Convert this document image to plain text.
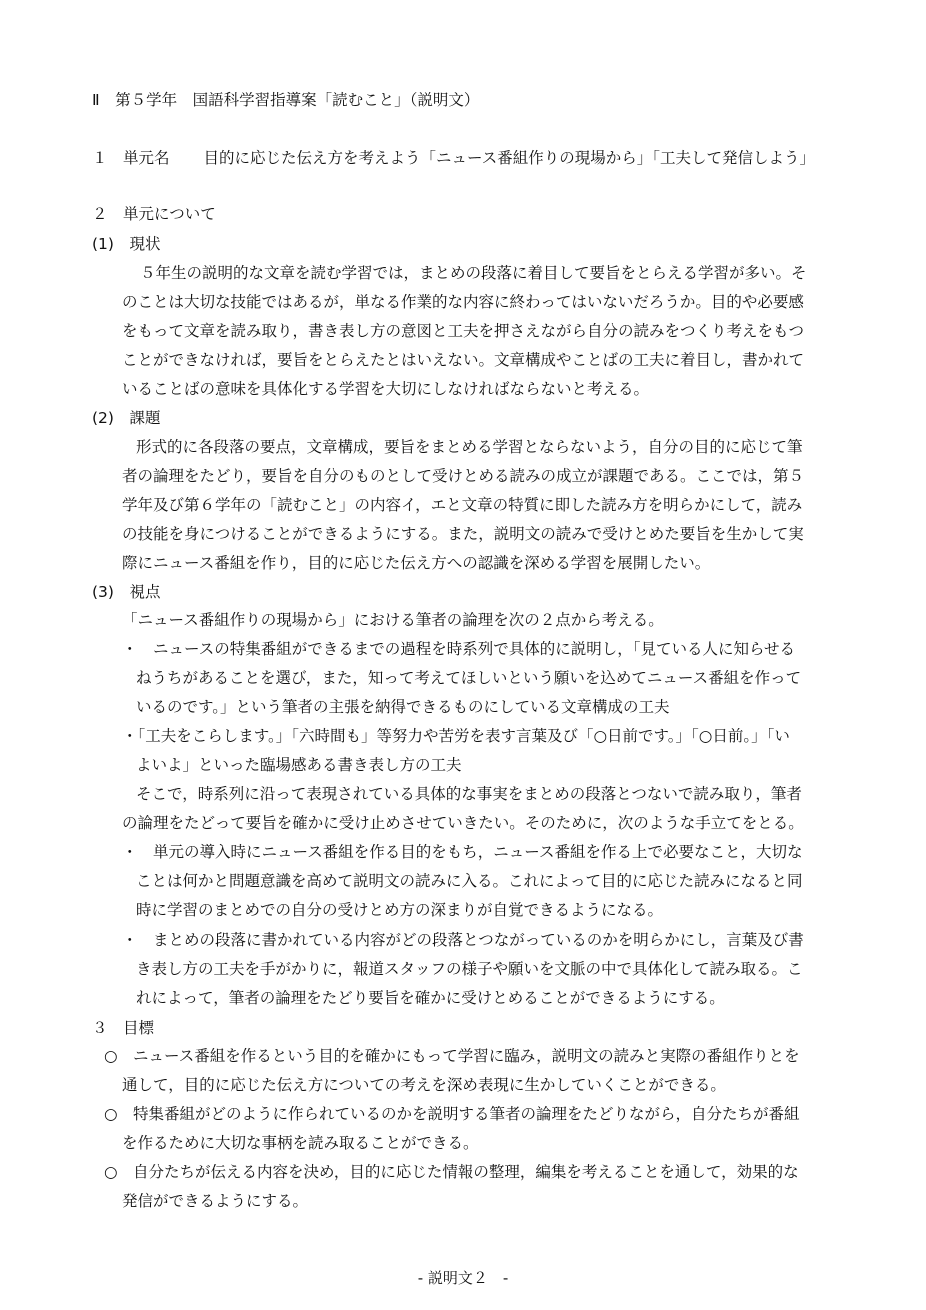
Ⅱ　第５学年　国語科学習指導案「読むこと」（説明文）
１　単元名 目的に応じた伝え方を考えよう「ニュース番組作りの現場から」「工夫して発信しよう」
２　単元について
(1)　現状
５年生の説明的な文章を読む学習では，まとめの段落に着目して要旨をとらえる学習が多い。そ
のことは大切な技能ではあるが，単なる作業的な内容に終わってはいないだろうか。目的や必要感
をもって文章を読み取り，書き表し方の意図と工夫を押さえながら自分の読みをつくり考えをもつ
ことができなければ，要旨をとらえたとはいえない。文章構成やことばの工夫に着目し，書かれて
いることばの意味を具体化する学習を大切にしなければならないと考える。
(2)　課題
形式的に各段落の要点，文章構成，要旨をまとめる学習とならないよう，自分の目的に応じて筆
者の論理をたどり，要旨を自分のものとして受けとめる読みの成立が課題である。ここでは，第５
学年及び第６学年の「読むこと」の内容イ，エと文章の特質に即した読み方を明らかにして，読み
の技能を身につけることができるようにする。また，説明文の読みで受けとめた要旨を生かして実
際にニュース番組を作り，目的に応じた伝え方への認識を深める学習を展開したい。
(3)　視点
「ニュース番組作りの現場から」における筆者の論理を次の２点から考える。
・　ニュースの特集番組ができるまでの過程を時系列で具体的に説明し，「見ている人に知らせる
ねうちがあることを選び，また，知って考えてほしいという願いを込めてニュース番組を作って
いるのです。」という筆者の主張を納得できるものにしている文章構成の工夫
・「工夫をこらします。」「六時間も」等努力や苦労を表す言葉及び「○日前です。」「○日前。」「い
よいよ」といった臨場感ある書き表し方の工夫
そこで，時系列に沿って表現されている具体的な事実をまとめの段落とつないで読み取り，筆者
の論理をたどって要旨を確かに受け止めさせていきたい。そのために，次のような手立てをとる。
・　単元の導入時にニュース番組を作る目的をもち，ニュース番組を作る上で必要なこと，大切な
ことは何かと問題意識を高めて説明文の読みに入る。これによって目的に応じた読みになると同
時に学習のまとめでの自分の受けとめ方の深まりが自覚できるようになる。
・　まとめの段落に書かれている内容がどの段落とつながっているのかを明らかにし，言葉及び書
き表し方の工夫を手がかりに，報道スタッフの様子や願いを文脈の中で具体化して読み取る。こ
れによって，筆者の論理をたどり要旨を確かに受けとめることができるようにする。
３　目標
○　ニュース番組を作るという目的を確かにもって学習に臨み，説明文の読みと実際の番組作りとを
通して，目的に応じた伝え方についての考えを深め表現に生かしていくことができる。
○　特集番組がどのように作られているのかを説明する筆者の論理をたどりながら，自分たちが番組
を作るために大切な事柄を読み取ることができる。
○　自分たちが伝える内容を決め，目的に応じた情報の整理，編集を考えることを通して，効果的な
発信ができるようにする。
- 説明文２　-
